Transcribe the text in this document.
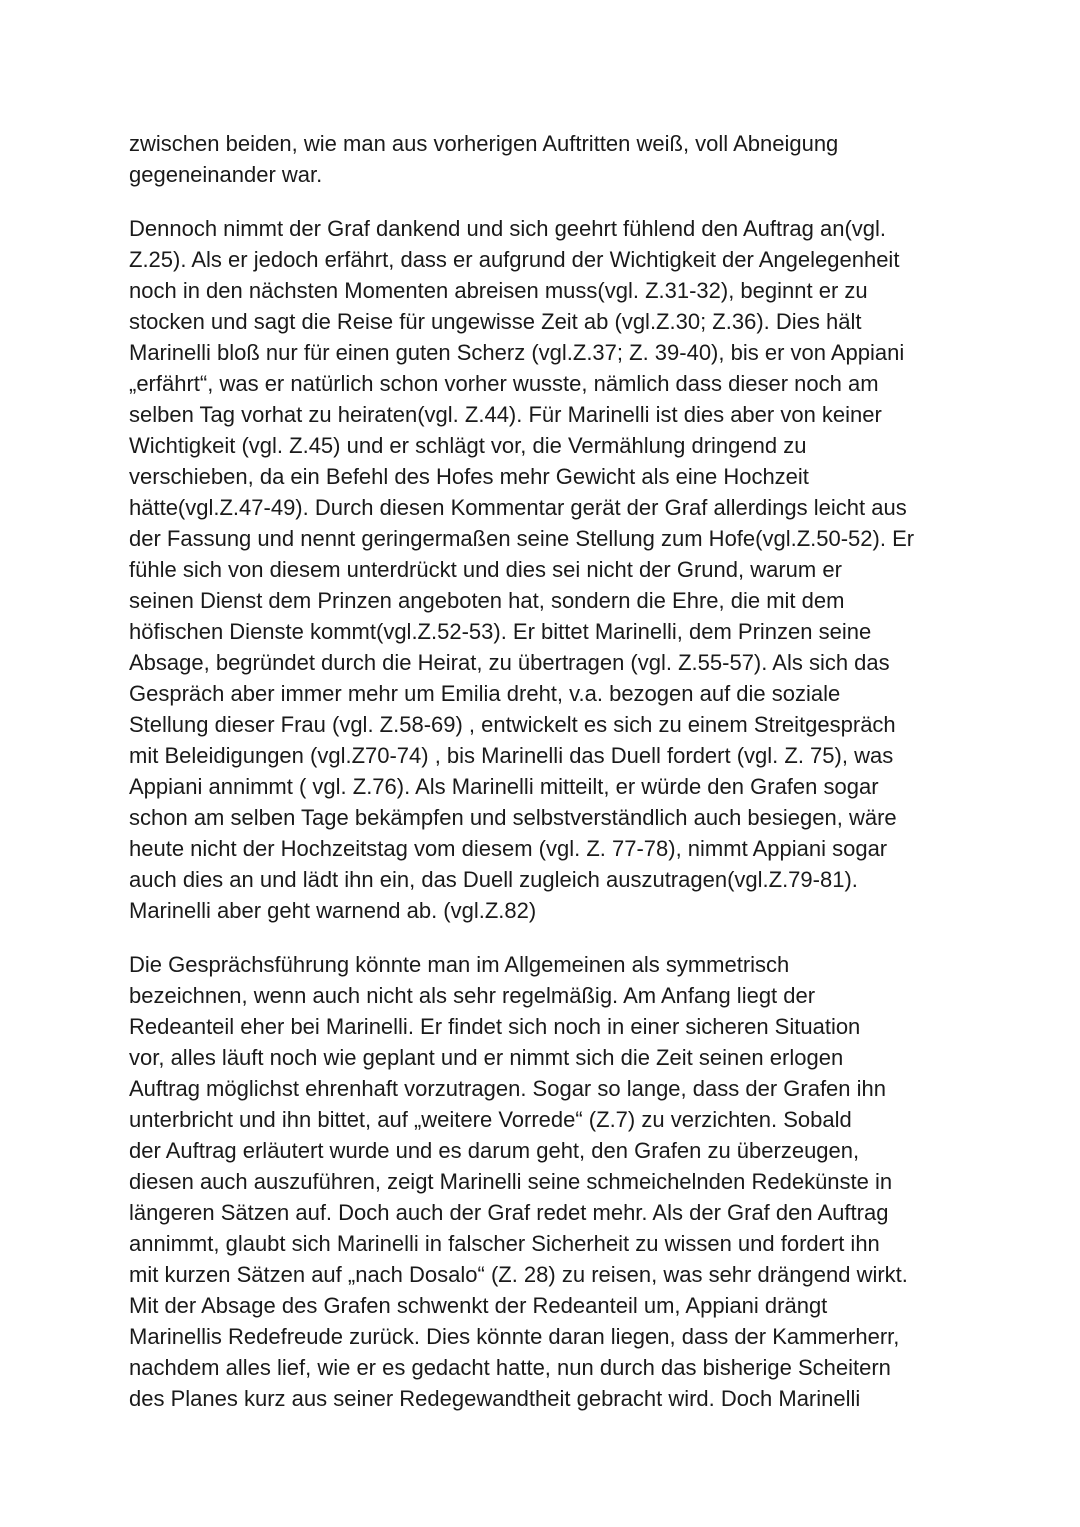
zwischen beiden, wie man aus vorherigen Auftritten weiß, voll Abneigung
gegeneinander war.

Dennoch nimmt der Graf dankend und sich geehrt fühlend den Auftrag an(vgl.
Z.25). Als er jedoch erfährt, dass er aufgrund der Wichtigkeit der Angelegenheit
noch in den nächsten Momenten abreisen muss(vgl. Z.31-32), beginnt er zu
stocken und sagt die Reise für ungewisse Zeit ab (vgl.Z.30; Z.36). Dies hält
Marinelli bloß nur für einen guten Scherz (vgl.Z.37; Z. 39-40), bis er von Appiani
„erfährt“, was er natürlich schon vorher wusste, nämlich dass dieser noch am
selben Tag vorhat zu heiraten(vgl. Z.44). Für Marinelli ist dies aber von keiner
Wichtigkeit (vgl. Z.45) und er schlägt vor, die Vermählung dringend zu
verschieben, da ein Befehl des Hofes mehr Gewicht als eine Hochzeit
hätte(vgl.Z.47-49). Durch diesen Kommentar gerät der Graf allerdings leicht aus
der Fassung und nennt geringermaßen seine Stellung zum Hofe(vgl.Z.50-52). Er
fühle sich von diesem unterdrückt und dies sei nicht der Grund, warum er
seinen Dienst dem Prinzen angeboten hat, sondern die Ehre, die mit dem
höfischen Dienste kommt(vgl.Z.52-53). Er bittet Marinelli, dem Prinzen seine
Absage, begründet durch die Heirat, zu übertragen (vgl. Z.55-57). Als sich das
Gespräch aber immer mehr um Emilia dreht, v.a. bezogen auf die soziale
Stellung dieser Frau (vgl. Z.58-69) , entwickelt es sich zu einem Streitgespräch
mit Beleidigungen (vgl.Z70-74) , bis Marinelli das Duell fordert (vgl. Z. 75), was
Appiani annimmt ( vgl. Z.76). Als Marinelli mitteilt, er würde den Grafen sogar
schon am selben Tage bekämpfen und selbstverständlich auch besiegen, wäre
heute nicht der Hochzeitstag vom diesem (vgl. Z. 77-78), nimmt Appiani sogar
auch dies an und lädt ihn ein, das Duell zugleich auszutragen(vgl.Z.79-81).
Marinelli aber geht warnend ab. (vgl.Z.82)

Die Gesprächsführung könnte man im Allgemeinen als symmetrisch
bezeichnen, wenn auch nicht als sehr regelmäßig. Am Anfang liegt der
Redeanteil eher bei Marinelli. Er findet sich noch in einer sicheren Situation
vor, alles läuft noch wie geplant und er nimmt sich die Zeit seinen erlogen
Auftrag möglichst ehrenhaft vorzutragen. Sogar so lange, dass der Grafen ihn
unterbricht und ihn bittet, auf „weitere Vorrede“ (Z.7) zu verzichten. Sobald
der Auftrag erläutert wurde und es darum geht, den Grafen zu überzeugen,
diesen auch auszuführen, zeigt Marinelli seine schmeichelnden Redekünste in
längeren Sätzen auf. Doch auch der Graf redet mehr. Als der Graf den Auftrag
annimmt, glaubt sich Marinelli in falscher Sicherheit zu wissen und fordert ihn
mit kurzen Sätzen auf „nach Dosalo“ (Z. 28) zu reisen, was sehr drängend wirkt.
Mit der Absage des Grafen schwenkt der Redeanteil um, Appiani drängt
Marinellis Redefreude zurück. Dies könnte daran liegen, dass der Kammerherr,
nachdem alles lief, wie er es gedacht hatte, nun durch das bisherige Scheitern
des Planes kurz aus seiner Redegewandtheit gebracht wird. Doch Marinelli
